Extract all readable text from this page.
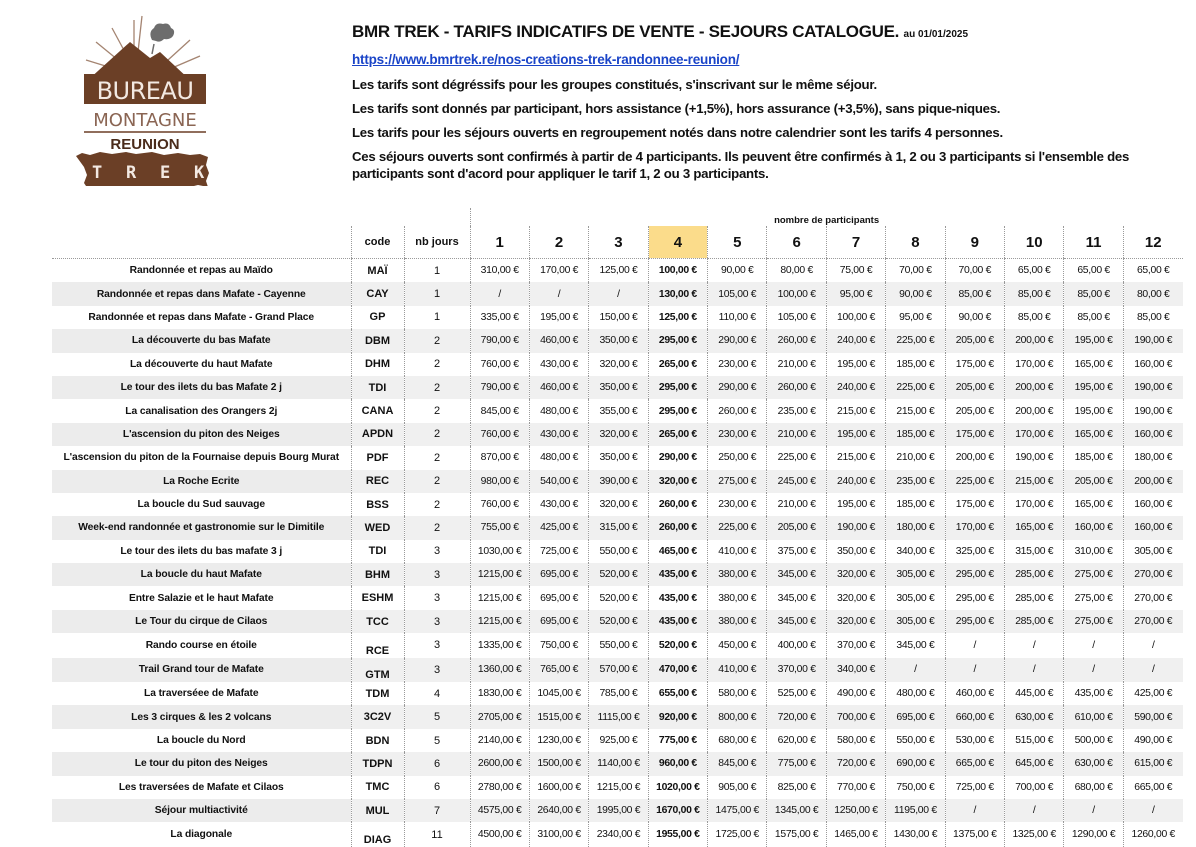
BUREAU
MONTAGNE
REUNION
T R E K
BMR TREK - TARIFS INDICATIFS DE VENTE - SEJOURS CATALOGUE. au 01/01/2025
https://www.bmrtrek.re/nos-creations-trek-randonnee-reunion/
Les tarifs sont dégréssifs pour les groupes constitués, s'inscrivant sur le même séjour.
Les tarifs sont donnés par participant, hors assistance (+1,5%), hors assurance (+3,5%), sans pique-niques.
Les tarifs pour les séjours ouverts en regroupement notés dans notre calendrier sont les tarifs 4 personnes.
Ces séjours ouverts sont confirmés à partir de 4 participants. Ils peuvent être confirmés à 1, 2 ou 3 participants si l'ensemble des participants sont d'acord pour appliquer le tarif 1, 2 ou 3 participants.
			nombre de participants											
	code	nb jours	1	2	3	4	5	6	7	8	9	10	11	12
Randonnée et repas au Maïdo	MAÏ	1	310,00 €	170,00 €	125,00 €	100,00 €	90,00 €	80,00 €	75,00 €	70,00 €	70,00 €	65,00 €	65,00 €	65,00 €
Randonnée et repas dans Mafate - Cayenne	CAY	1	/	/	/	130,00 €	105,00 €	100,00 €	95,00 €	90,00 €	85,00 €	85,00 €	85,00 €	80,00 €
Randonnée et repas dans Mafate - Grand Place	GP	1	335,00 €	195,00 €	150,00 €	125,00 €	110,00 €	105,00 €	100,00 €	95,00 €	90,00 €	85,00 €	85,00 €	85,00 €
La découverte du bas Mafate	DBM	2	790,00 €	460,00 €	350,00 €	295,00 €	290,00 €	260,00 €	240,00 €	225,00 €	205,00 €	200,00 €	195,00 €	190,00 €
La découverte du haut Mafate	DHM	2	760,00 €	430,00 €	320,00 €	265,00 €	230,00 €	210,00 €	195,00 €	185,00 €	175,00 €	170,00 €	165,00 €	160,00 €
Le tour des ilets du bas Mafate 2 j	TDI	2	790,00 €	460,00 €	350,00 €	295,00 €	290,00 €	260,00 €	240,00 €	225,00 €	205,00 €	200,00 €	195,00 €	190,00 €
La canalisation des Orangers 2j	CANA	2	845,00 €	480,00 €	355,00 €	295,00 €	260,00 €	235,00 €	215,00 €	215,00 €	205,00 €	200,00 €	195,00 €	190,00 €
L'ascension du piton des Neiges	APDN	2	760,00 €	430,00 €	320,00 €	265,00 €	230,00 €	210,00 €	195,00 €	185,00 €	175,00 €	170,00 €	165,00 €	160,00 €
L'ascension du piton de la Fournaise depuis Bourg Murat	PDF	2	870,00 €	480,00 €	350,00 €	290,00 €	250,00 €	225,00 €	215,00 €	210,00 €	200,00 €	190,00 €	185,00 €	180,00 €
La Roche Ecrite	REC	2	980,00 €	540,00 €	390,00 €	320,00 €	275,00 €	245,00 €	240,00 €	235,00 €	225,00 €	215,00 €	205,00 €	200,00 €
La boucle du Sud sauvage	BSS	2	760,00 €	430,00 €	320,00 €	260,00 €	230,00 €	210,00 €	195,00 €	185,00 €	175,00 €	170,00 €	165,00 €	160,00 €
Week-end randonnée et gastronomie sur le Dimitile	WED	2	755,00 €	425,00 €	315,00 €	260,00 €	225,00 €	205,00 €	190,00 €	180,00 €	170,00 €	165,00 €	160,00 €	160,00 €
Le tour des ilets du bas mafate 3 j	TDI	3	1030,00 €	725,00 €	550,00 €	465,00 €	410,00 €	375,00 €	350,00 €	340,00 €	325,00 €	315,00 €	310,00 €	305,00 €
La boucle du haut Mafate	BHM	3	1215,00 €	695,00 €	520,00 €	435,00 €	380,00 €	345,00 €	320,00 €	305,00 €	295,00 €	285,00 €	275,00 €	270,00 €
Entre Salazie et le haut Mafate	ESHM	3	1215,00 €	695,00 €	520,00 €	435,00 €	380,00 €	345,00 €	320,00 €	305,00 €	295,00 €	285,00 €	275,00 €	270,00 €
Le Tour du cirque de Cilaos	TCC	3	1215,00 €	695,00 €	520,00 €	435,00 €	380,00 €	345,00 €	320,00 €	305,00 €	295,00 €	285,00 €	275,00 €	270,00 €
Rando course en étoile	RCE	3	1335,00 €	750,00 €	550,00 €	520,00 €	450,00 €	400,00 €	370,00 €	345,00 €	/	/	/	/
Trail Grand tour de Mafate	GTM	3	1360,00 €	765,00 €	570,00 €	470,00 €	410,00 €	370,00 €	340,00 €	/	/	/	/	/
La traverséee de Mafate	TDM	4	1830,00 €	1045,00 €	785,00 €	655,00 €	580,00 €	525,00 €	490,00 €	480,00 €	460,00 €	445,00 €	435,00 €	425,00 €
Les 3 cirques & les 2 volcans	3C2V	5	2705,00 €	1515,00 €	1115,00 €	920,00 €	800,00 €	720,00 €	700,00 €	695,00 €	660,00 €	630,00 €	610,00 €	590,00 €
La boucle du Nord	BDN	5	2140,00 €	1230,00 €	925,00 €	775,00 €	680,00 €	620,00 €	580,00 €	550,00 €	530,00 €	515,00 €	500,00 €	490,00 €
Le tour du piton des Neiges	TDPN	6	2600,00 €	1500,00 €	1140,00 €	960,00 €	845,00 €	775,00 €	720,00 €	690,00 €	665,00 €	645,00 €	630,00 €	615,00 €
Les traversées de Mafate et Cilaos	TMC	6	2780,00 €	1600,00 €	1215,00 €	1020,00 €	905,00 €	825,00 €	770,00 €	750,00 €	725,00 €	700,00 €	680,00 €	665,00 €
Séjour multiactivité	MUL	7	4575,00 €	2640,00 €	1995,00 €	1670,00 €	1475,00 €	1345,00 €	1250,00 €	1195,00 €	/	/	/	/
La diagonale	DIAG	11	4500,00 €	3100,00 €	2340,00 €	1955,00 €	1725,00 €	1575,00 €	1465,00 €	1430,00 €	1375,00 €	1325,00 €	1290,00 €	1260,00 €
